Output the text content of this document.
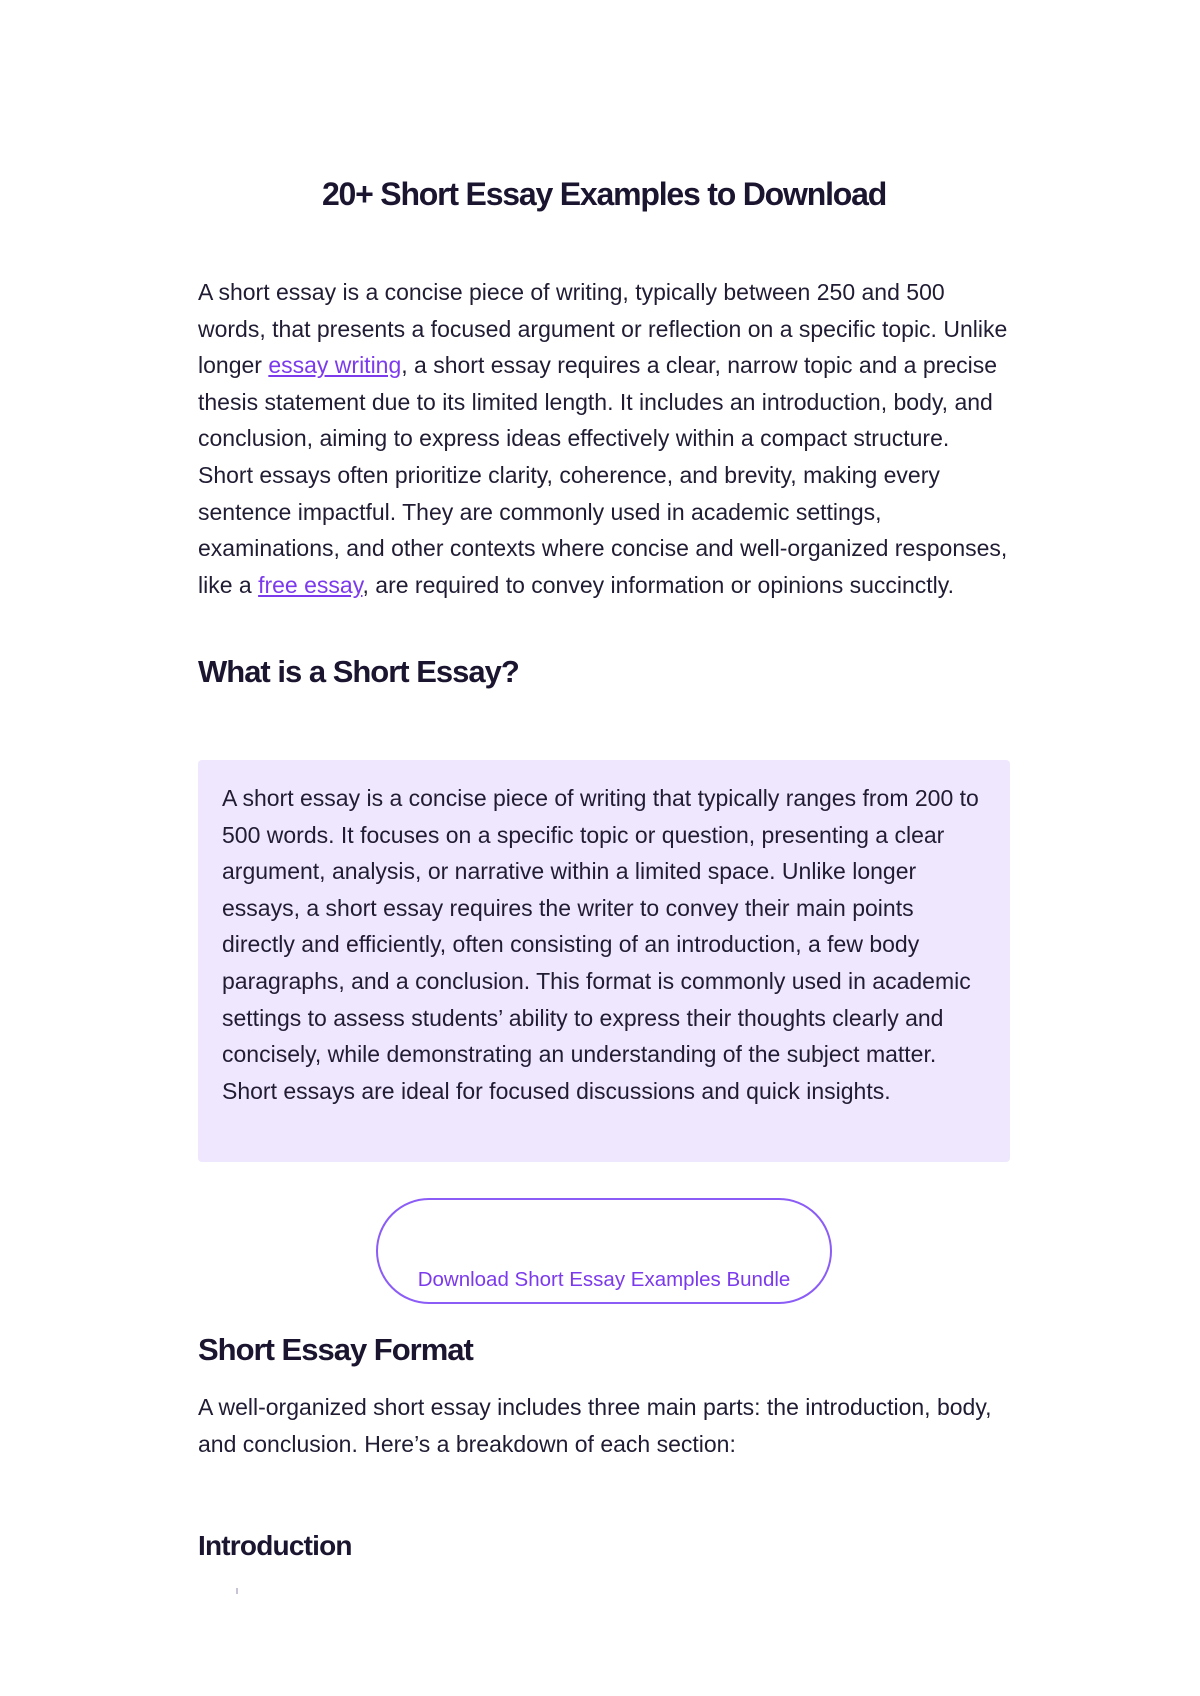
20+ Short Essay Examples to Download

A short essay is a concise piece of writing, typically between 250 and 500 words, that presents a focused argument or reflection on a specific topic. Unlike longer essay writing, a short essay requires a clear, narrow topic and a precise thesis statement due to its limited length. It includes an introduction, body, and conclusion, aiming to express ideas effectively within a compact structure. Short essays often prioritize clarity, coherence, and brevity, making every sentence impactful. They are commonly used in academic settings, examinations, and other contexts where concise and well-organized responses, like a free essay, are required to convey information or opinions succinctly.

What is a Short Essay?

A short essay is a concise piece of writing that typically ranges from 200 to 500 words. It focuses on a specific topic or question, presenting a clear argument, analysis, or narrative within a limited space. Unlike longer essays, a short essay requires the writer to convey their main points directly and efficiently, often consisting of an introduction, a few body paragraphs, and a conclusion. This format is commonly used in academic settings to assess students’ ability to express their thoughts clearly and concisely, while demonstrating an understanding of the subject matter. Short essays are ideal for focused discussions and quick insights.

Download Short Essay Examples Bundle
Short Essay Format

A well-organized short essay includes three main parts: the introduction, body, and conclusion. Here’s a breakdown of each section:

Introduction
